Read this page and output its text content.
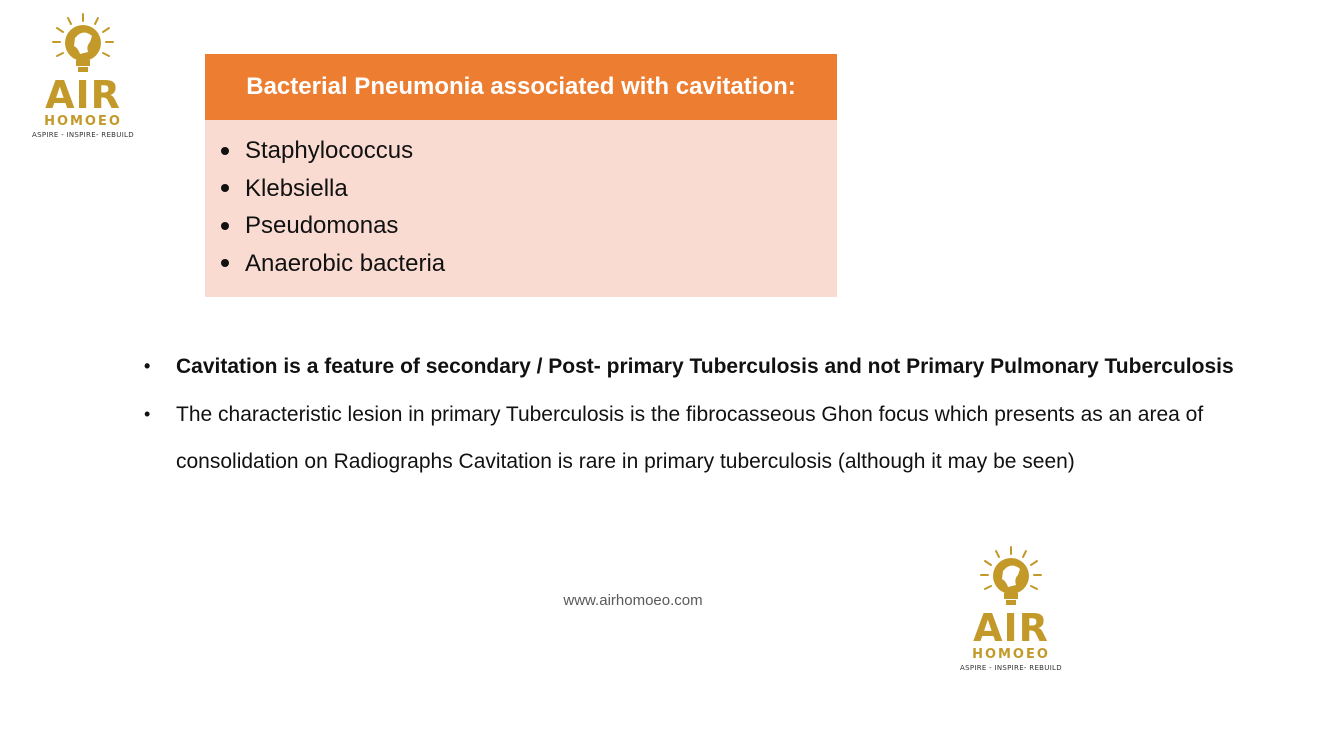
AIR
HOMOEO
ASPIRE - INSPIRE- REBUILD
Bacterial Pneumonia associated with cavitation:
Staphylococcus
Klebsiella
Pseudomonas
Anaerobic bacteria
• Cavitation is a feature of secondary / Post- primary Tuberculosis and not Primary Pulmonary Tuberculosis
• The characteristic lesion in primary Tuberculosis is the fibrocasseous Ghon focus which presents as an area of consolidation on Radiographs Cavitation is rare in primary tuberculosis (although it may be seen)
www.airhomoeo.com
AIR
HOMOEO
ASPIRE - INSPIRE- REBUILD
